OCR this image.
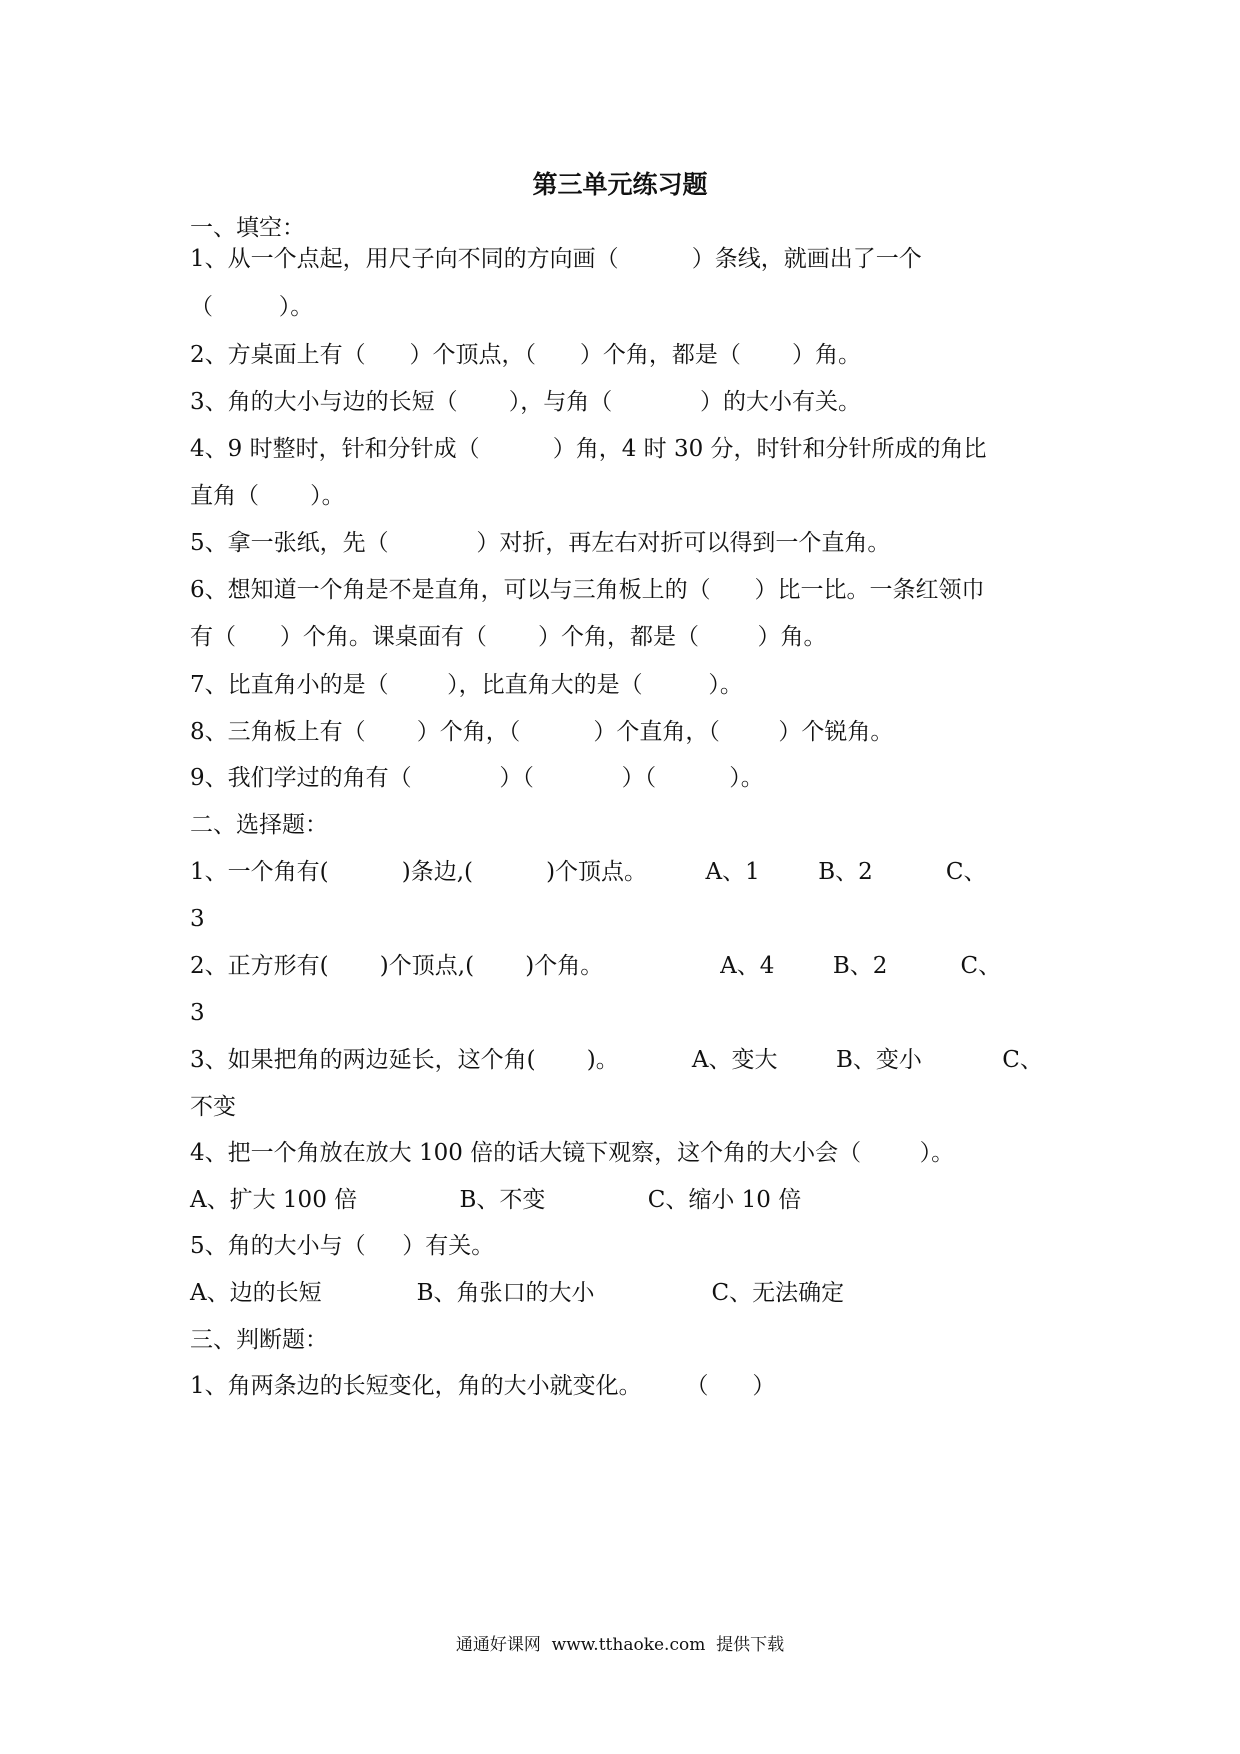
第三单元练习题
一、填空：
1、从一个点起，用尺子向不同的方向画（          ）条线，就画出了一个
（         ）。
2、方桌面上有（      ）个顶点，（      ）个角，都是（       ）角。
3、角的大小与边的长短（       ），与角（            ）的大小有关。
4、9 时整时，针和分针成（          ）角，4 时 30 分，时针和分针所成的角比
直角（       ）。
5、拿一张纸，先（            ）对折，再左右对折可以得到一个直角。
6、想知道一个角是不是直角，可以与三角板上的（      ）比一比。一条红领巾
有（      ）个角。课桌面有（       ）个角，都是（        ）角。
7、比直角小的是（        ），比直角大的是（         ）。
8、三角板上有（       ）个角，（          ）个直角，（        ）个锐角。
9、我们学过的角有（            ）（            ）（          ）。
二、选择题：
1、一个角有(          )条边,(          )个顶点。        A、1        B、2          C、
3
2、正方形有(       )个顶点,(       )个角。                A、4        B、2          C、
3
3、如果把角的两边延长，这个角(       )。          A、变大        B、变小           C、
不变
4、把一个角放在放大 100 倍的话大镜下观察，这个角的大小会（        ）。
A、扩大 100 倍              B、不变              C、缩小 10 倍
5、角的大小与（     ）有关。
A、边的长短             B、角张口的大小                C、无法确定
三、判断题：
1、角两条边的长短变化，角的大小就变化。      （      ）
通通好课网  www.tthaoke.com  提供下载
